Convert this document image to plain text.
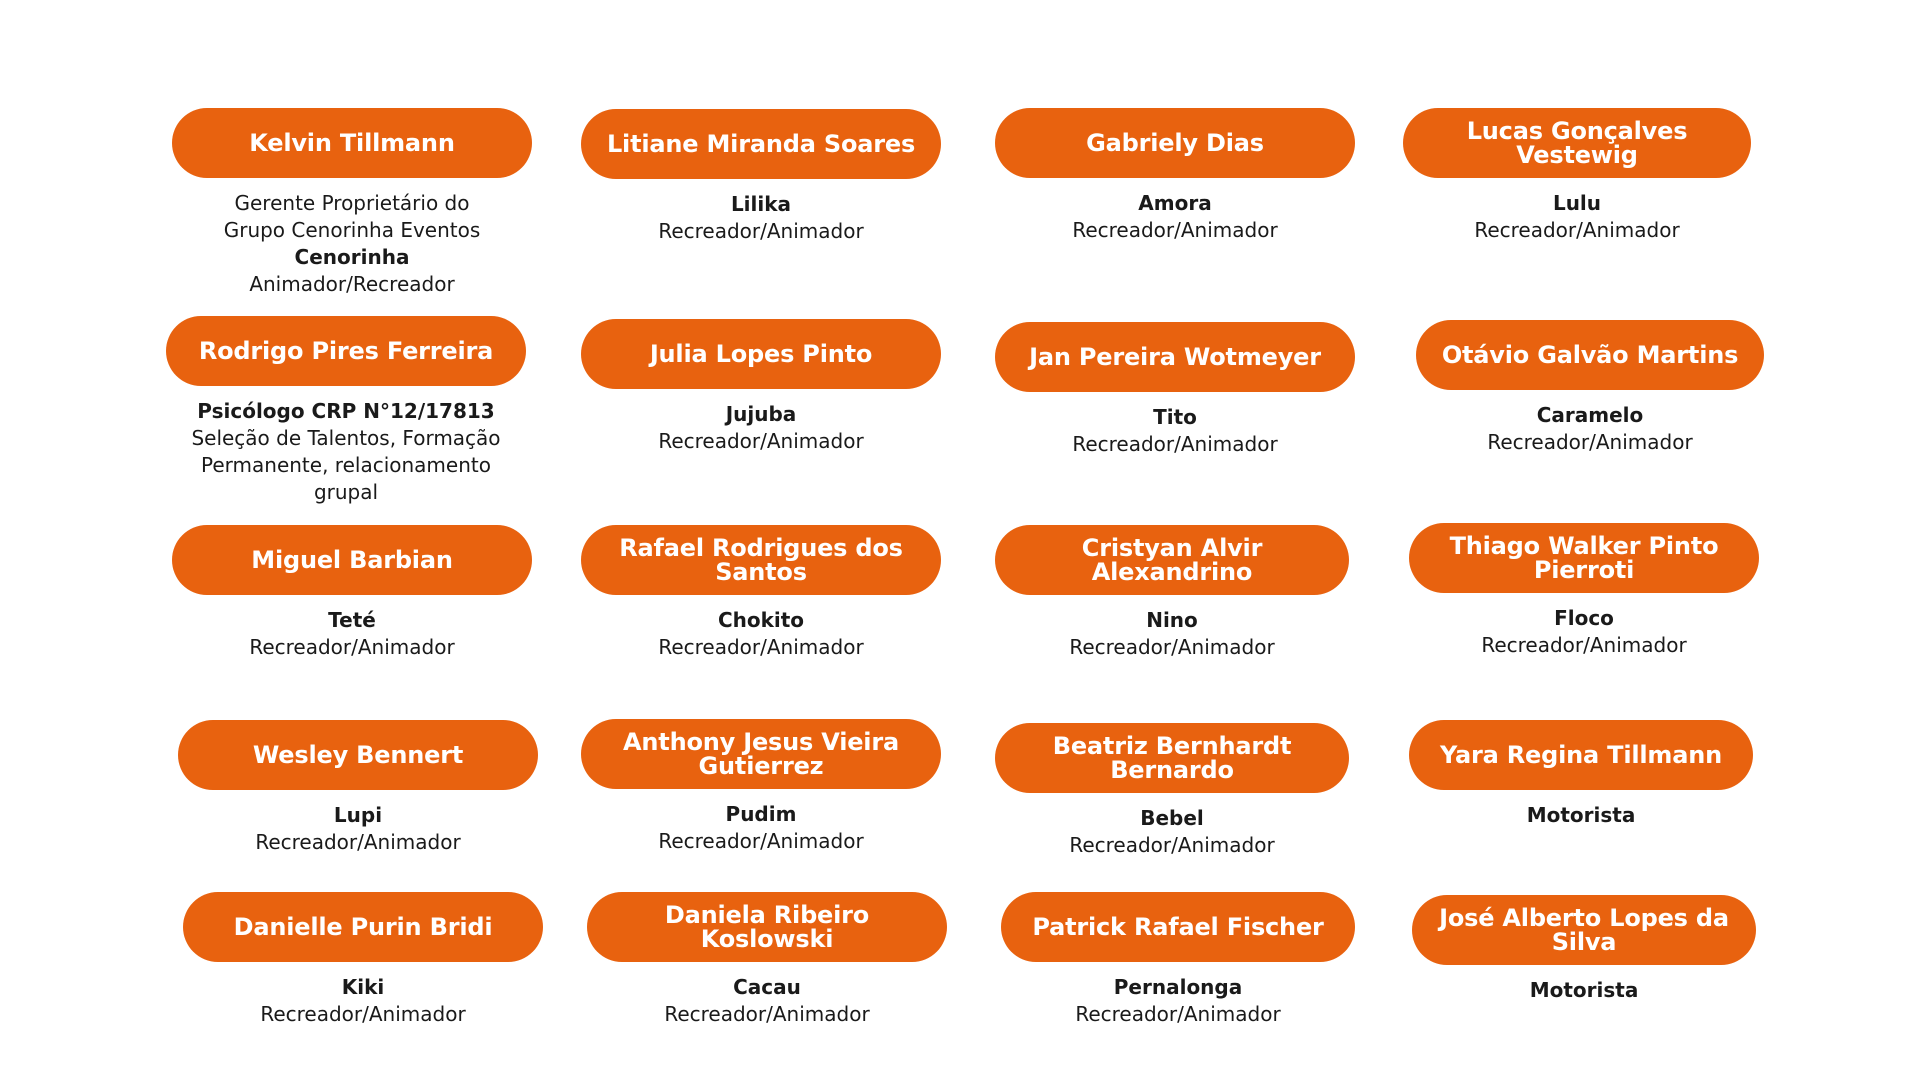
Kelvin Tillmann
Gerente Proprietário do
Grupo Cenorinha Eventos
Cenorinha
Animador/Recreador
Litiane Miranda Soares
Lilika
Recreador/Animador
Gabriely Dias
Amora
Recreador/Animador
Lucas Gonçalves Vestewig
Lulu
Recreador/Animador
Rodrigo Pires Ferreira
Psicólogo CRP N°12/17813
Seleção de Talentos, Formação
Permanente, relacionamento
grupal
Julia Lopes Pinto
Jujuba
Recreador/Animador
Jan Pereira Wotmeyer
Tito
Recreador/Animador
Otávio Galvão Martins
Caramelo
Recreador/Animador
Miguel Barbian
Teté
Recreador/Animador
Rafael Rodrigues dos Santos
Chokito
Recreador/Animador
Cristyan Alvir Alexandrino
Nino
Recreador/Animador
Thiago Walker Pinto Pierroti
Floco
Recreador/Animador
Wesley Bennert
Lupi
Recreador/Animador
Anthony Jesus Vieira Gutierrez
Pudim
Recreador/Animador
Beatriz Bernhardt Bernardo
Bebel
Recreador/Animador
Yara Regina Tillmann
Motorista
Danielle Purin Bridi
Kiki
Recreador/Animador
Daniela Ribeiro Koslowski
Cacau
Recreador/Animador
Patrick Rafael Fischer
Pernalonga
Recreador/Animador
José Alberto Lopes da Silva
Motorista
